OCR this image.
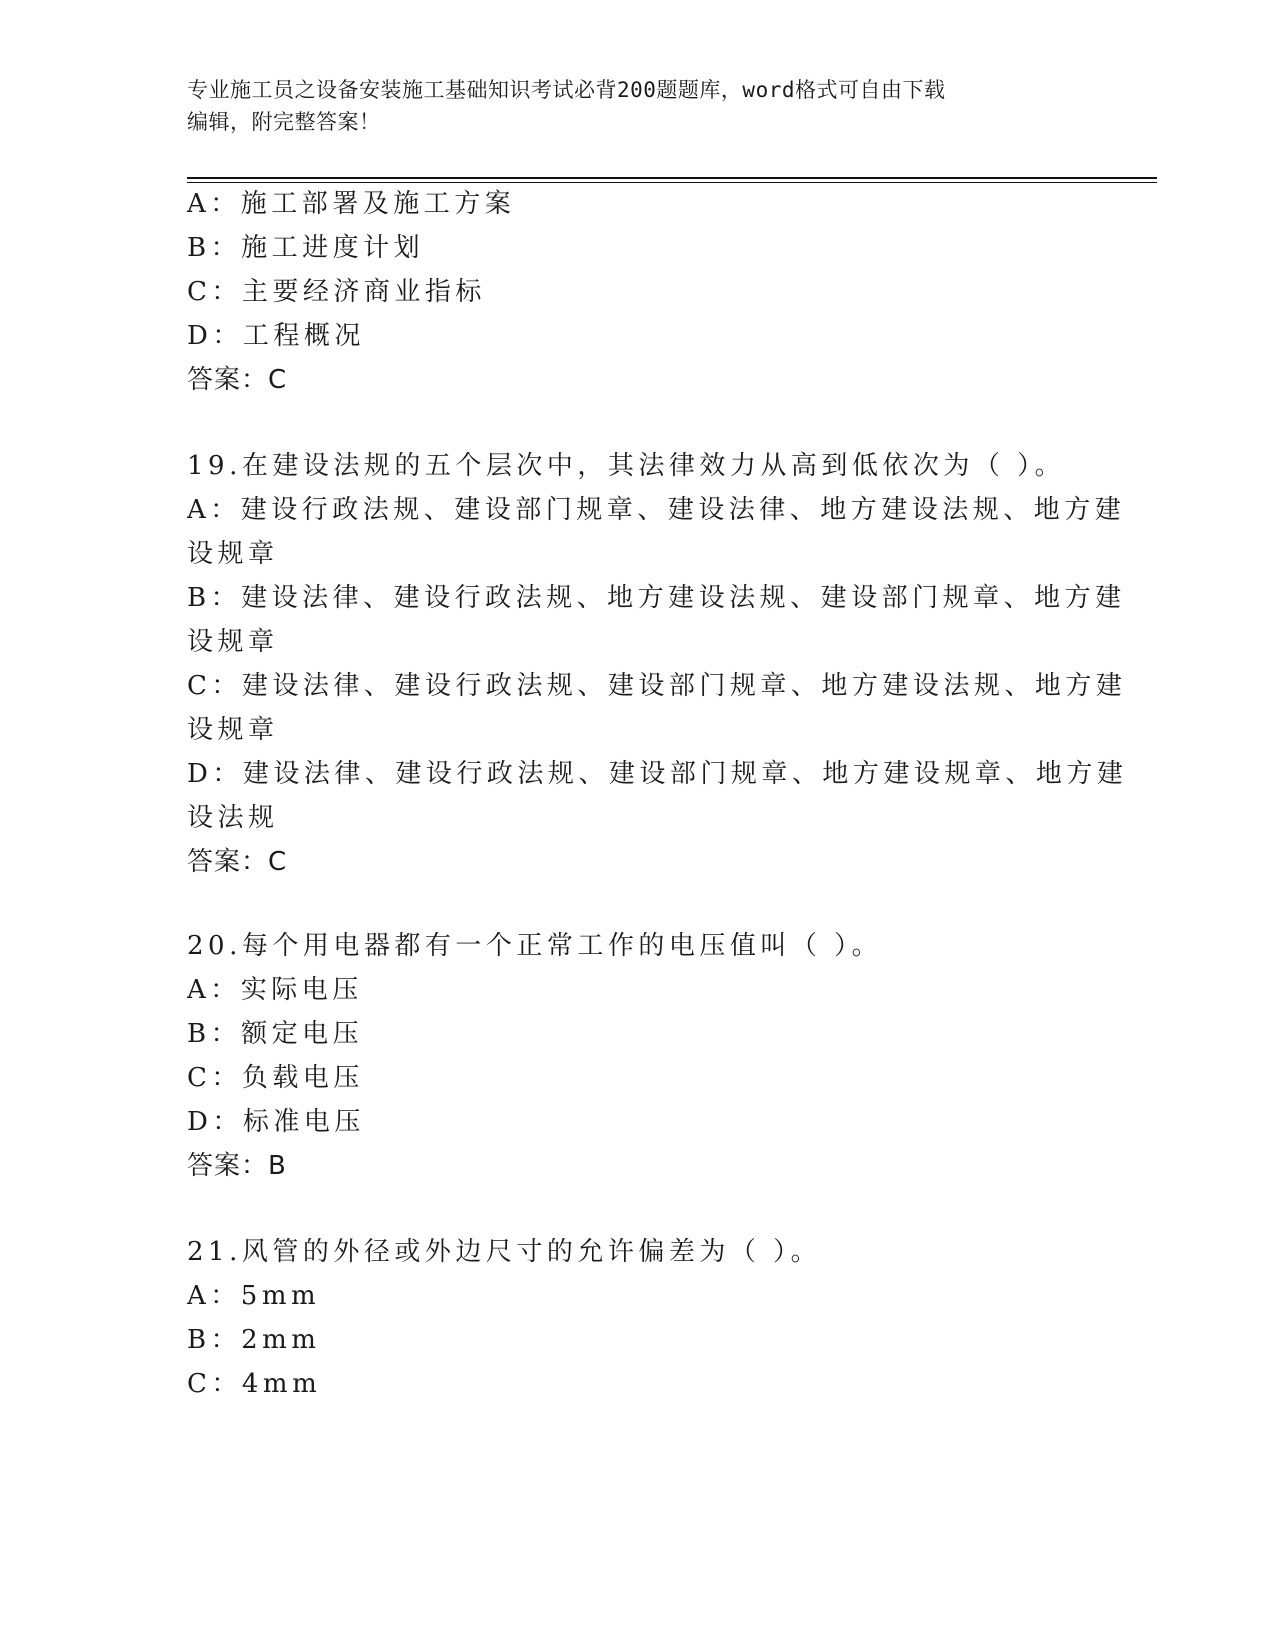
专业施工员之设备安装施工基础知识考试必背200题题库，word格式可自由下载
编辑，附完整答案！
A：施工部署及施工方案
B：施工进度计划
C：主要经济商业指标
D：工程概况
答案：C
19.在建设法规的五个层次中，其法律效力从高到低依次为（ ）。
A：建设行政法规、建设部门规章、建设法律、地方建设法规、地方建
设规章
B：建设法律、建设行政法规、地方建设法规、建设部门规章、地方建
设规章
C：建设法律、建设行政法规、建设部门规章、地方建设法规、地方建
设规章
D：建设法律、建设行政法规、建设部门规章、地方建设规章、地方建
设法规
答案：C
20.每个用电器都有一个正常工作的电压值叫（ ）。
A：实际电压
B：额定电压
C：负载电压
D：标准电压
答案：B
21.风管的外径或外边尺寸的允许偏差为（ ）。
A：5mm
B：2mm
C：4mm
